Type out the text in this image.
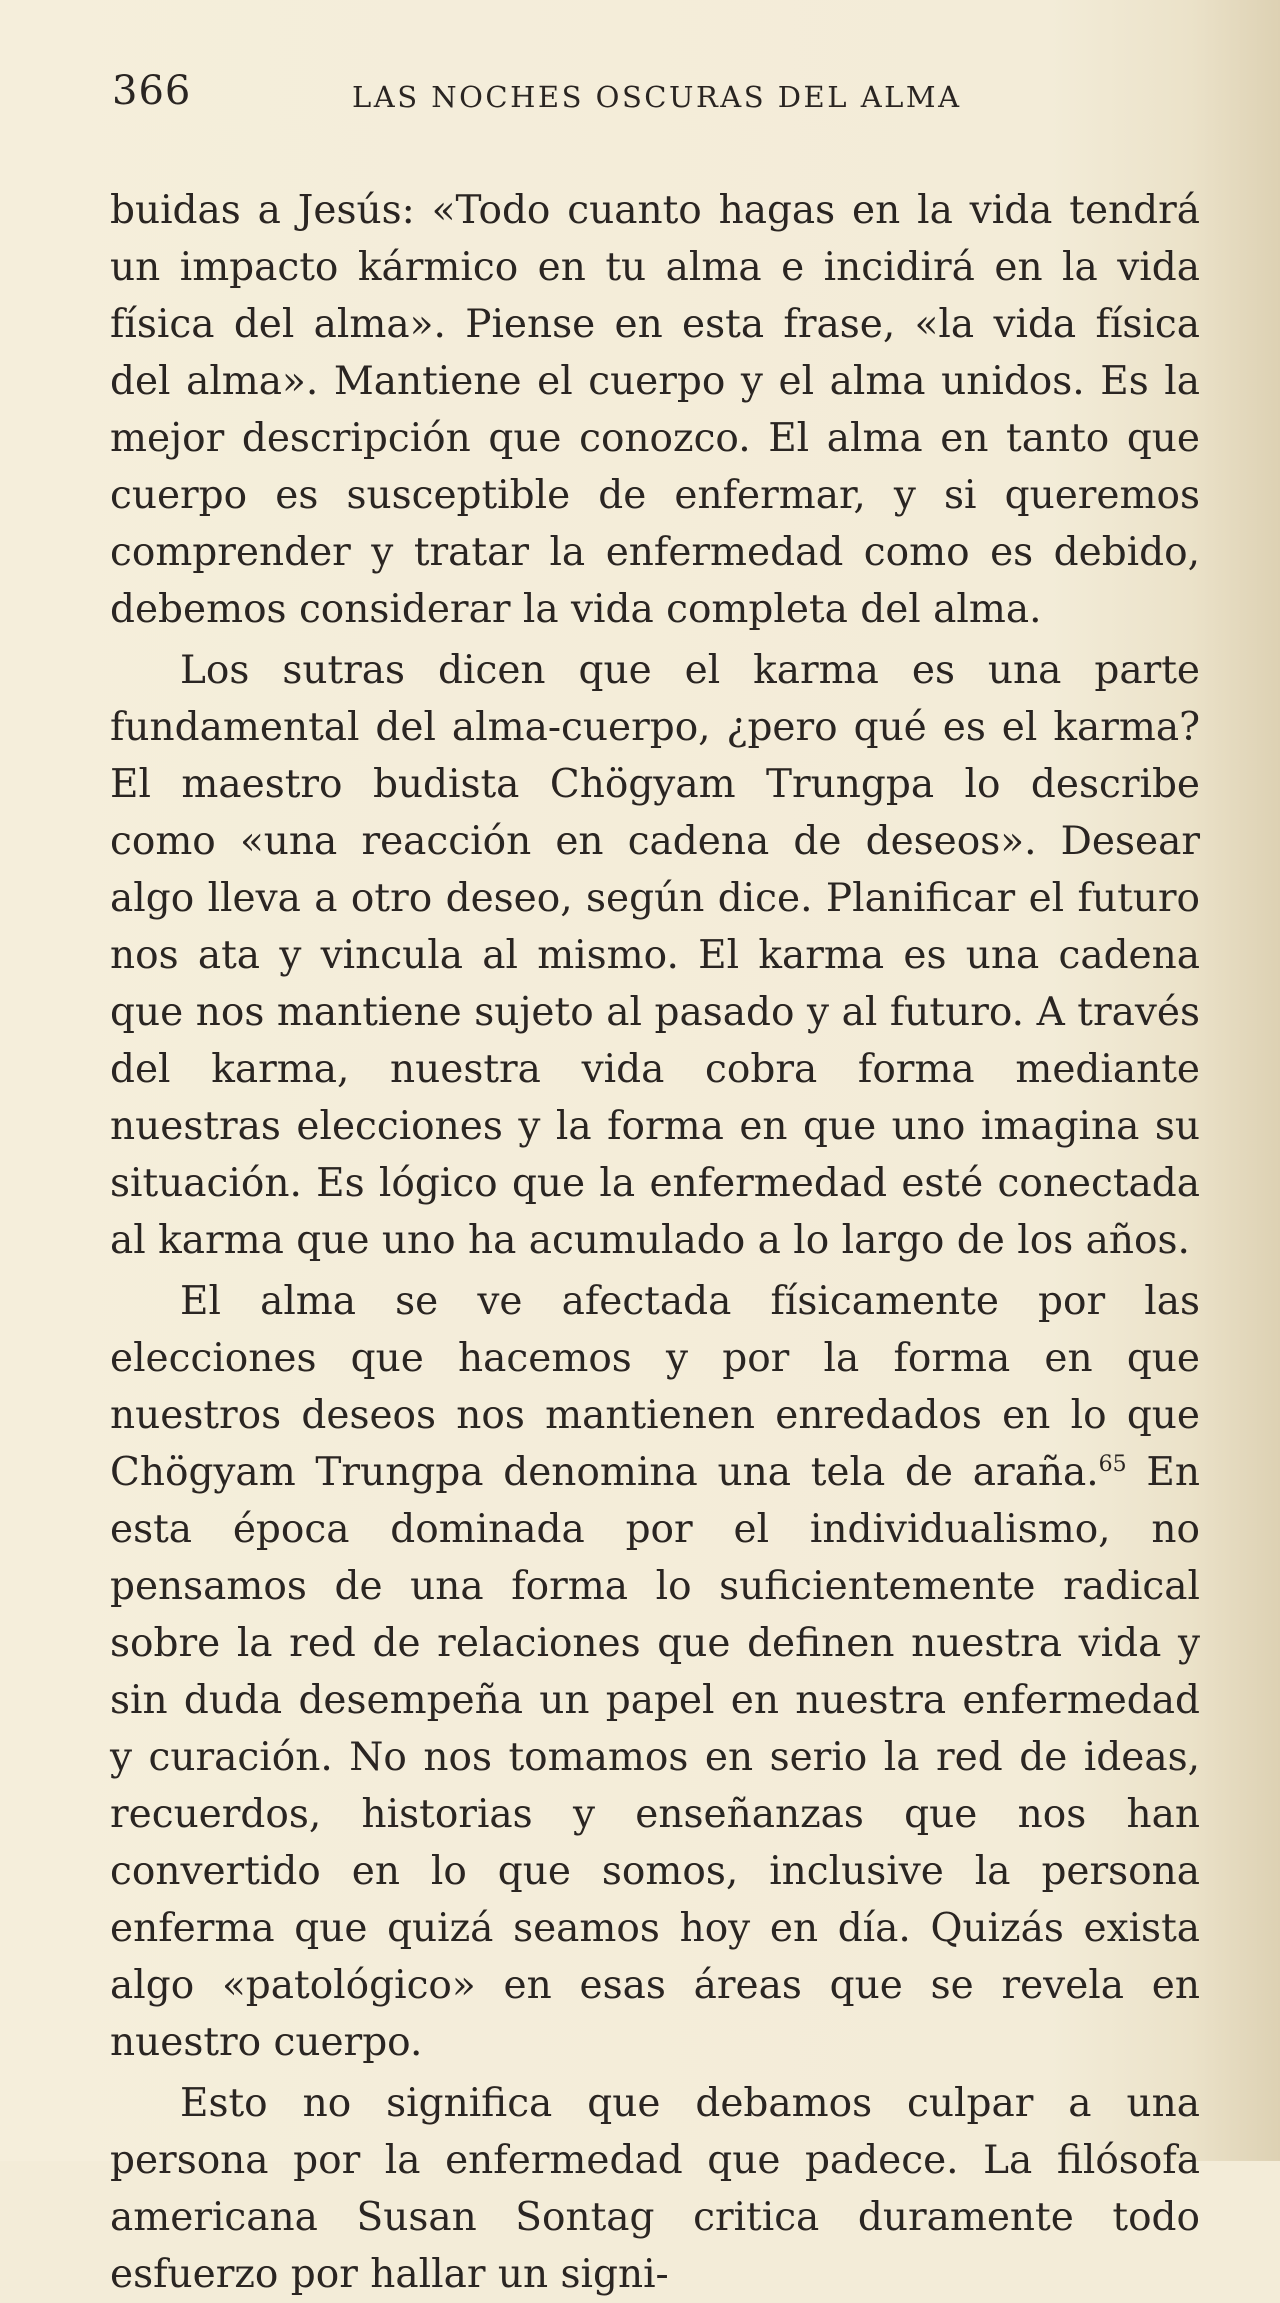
366	LAS NOCHES OSCURAS DEL ALMA

buidas a Jesús: «Todo cuanto hagas en la vida tendrá un impacto kármico en tu alma e incidirá en la vida física del alma». Piense en esta frase, «la vida física del alma». Mantiene el cuerpo y el alma unidos. Es la mejor descripción que conozco. El alma en tanto que cuerpo es susceptible de enfermar, y si queremos comprender y tratar la enfermedad como es debido, debemos considerar la vida completa del alma.

Los sutras dicen que el karma es una parte fundamental del alma-cuerpo, ¿pero qué es el karma? El maestro budista Chögyam Trungpa lo describe como «una reacción en cadena de deseos». Desear algo lleva a otro deseo, según dice. Planificar el futuro nos ata y vincula al mismo. El karma es una cadena que nos mantiene sujeto al pasado y al futuro. A través del karma, nuestra vida cobra forma mediante nuestras elecciones y la forma en que uno imagina su situación. Es lógico que la enfermedad esté conectada al karma que uno ha acumulado a lo largo de los años.

El alma se ve afectada físicamente por las elecciones que hacemos y por la forma en que nuestros deseos nos mantienen enredados en lo que Chögyam Trungpa denomina una tela de araña.$^{65}$ En esta época dominada por el individualismo, no pensamos de una forma lo suficientemente radical sobre la red de relaciones que definen nuestra vida y sin duda desempeña un papel en nuestra enfermedad y curación. No nos tomamos en serio la red de ideas, recuerdos, historias y enseñanzas que nos han convertido en lo que somos, inclusive la persona enferma que quizá seamos hoy en día. Quizás exista algo «patológico» en esas áreas que se revela en nuestro cuerpo.

Esto no significa que debamos culpar a una persona por la enfermedad que padece. La filósofa americana Susan Sontag critica duramente todo esfuerzo por hallar un signi-
